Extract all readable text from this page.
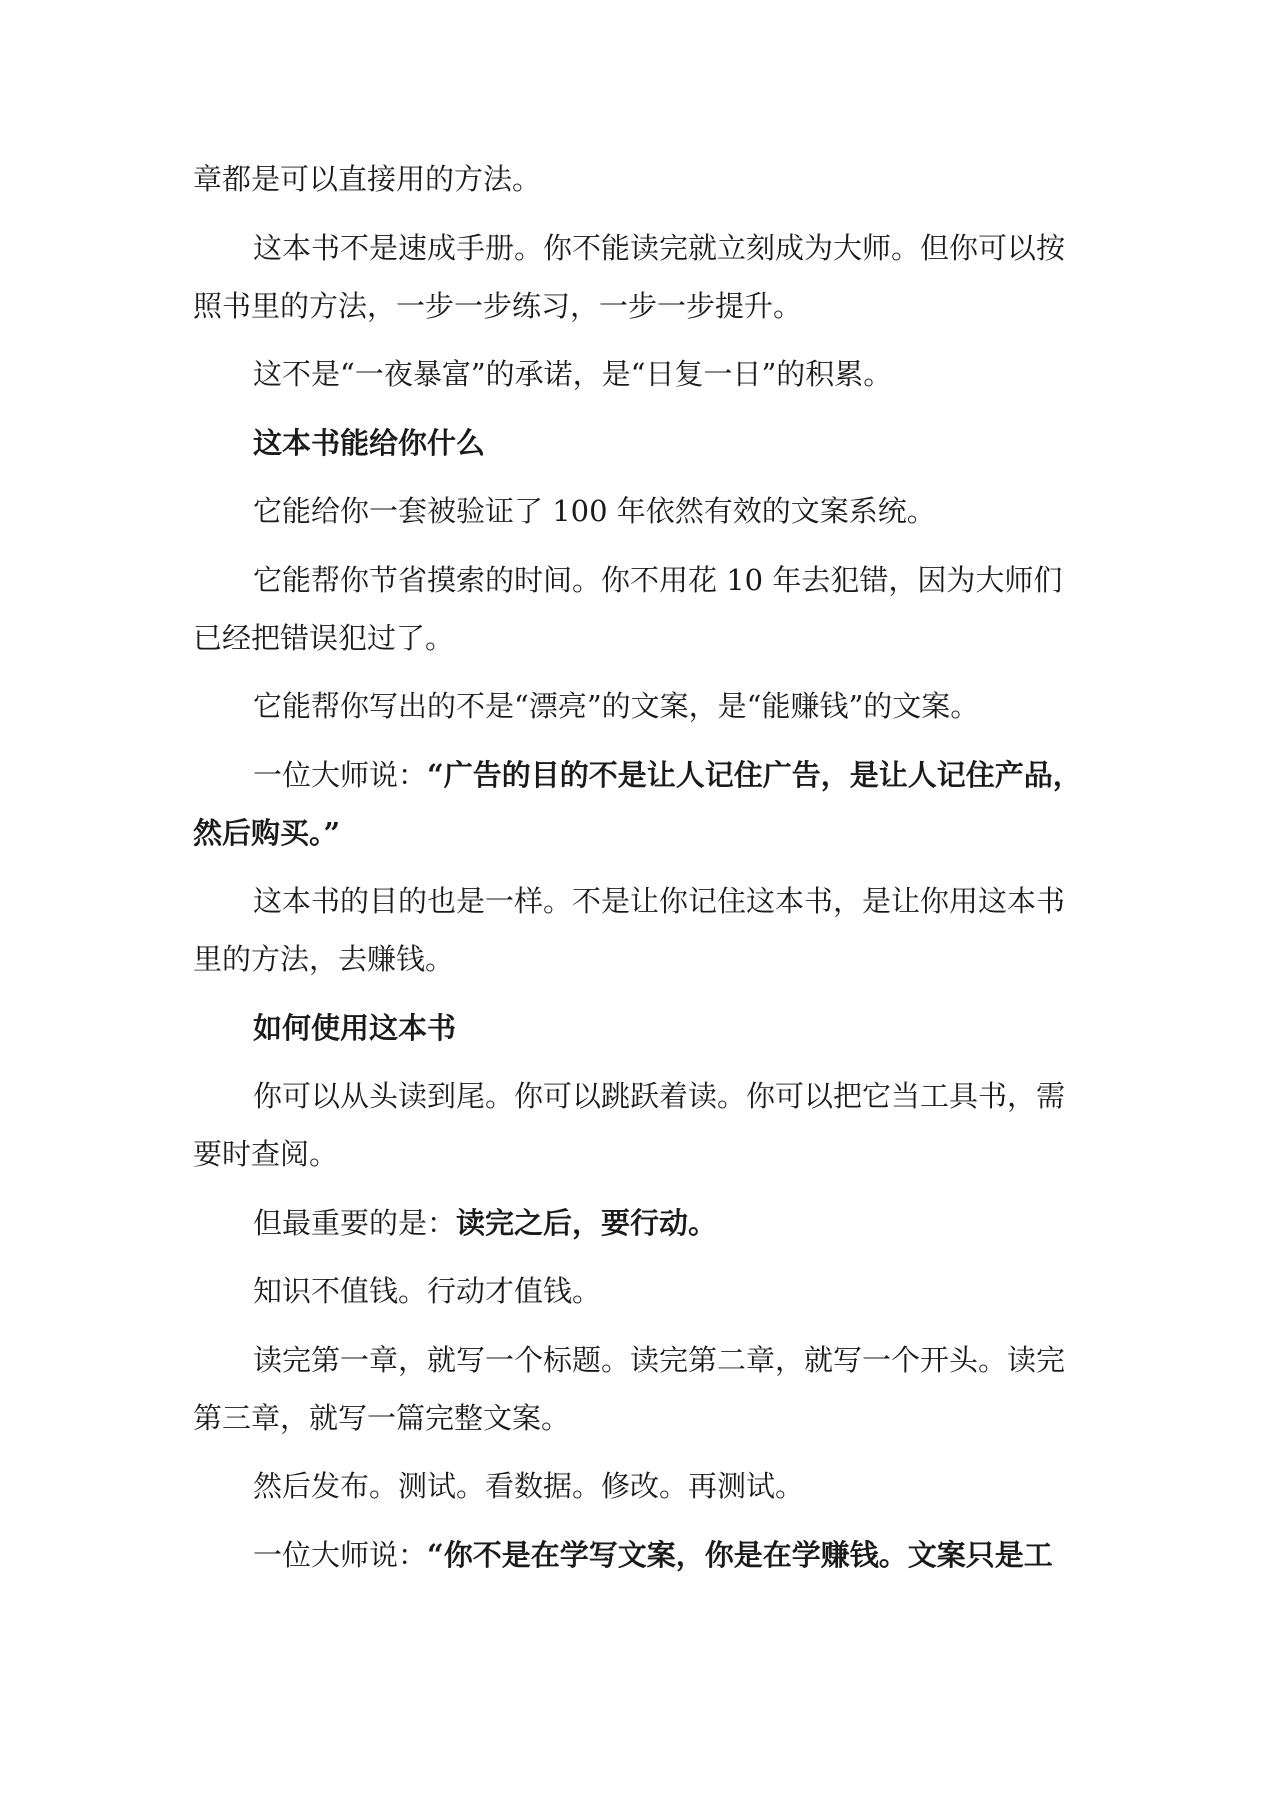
章都是可以直接用的方法。
这本书不是速成手册。你不能读完就立刻成为大师。但你可以按
照书里的方法，一步一步练习，一步一步提升。
这不是“一夜暴富”的承诺，是“日复一日”的积累。
这本书能给你什么
它能给你一套被验证了 100 年依然有效的文案系统。
它能帮你节省摸索的时间。你不用花 10 年去犯错，因为大师们
已经把错误犯过了。
它能帮你写出的不是“漂亮”的文案，是“能赚钱”的文案。
一位大师说：“广告的目的不是让人记住广告，是让人记住产品，
然后购买。”
这本书的目的也是一样。不是让你记住这本书，是让你用这本书
里的方法，去赚钱。
如何使用这本书
你可以从头读到尾。你可以跳跃着读。你可以把它当工具书，需
要时查阅。
但最重要的是：读完之后，要行动。
知识不值钱。行动才值钱。
读完第一章，就写一个标题。读完第二章，就写一个开头。读完
第三章，就写一篇完整文案。
然后发布。测试。看数据。修改。再测试。
一位大师说：“你不是在学写文案，你是在学赚钱。文案只是工
